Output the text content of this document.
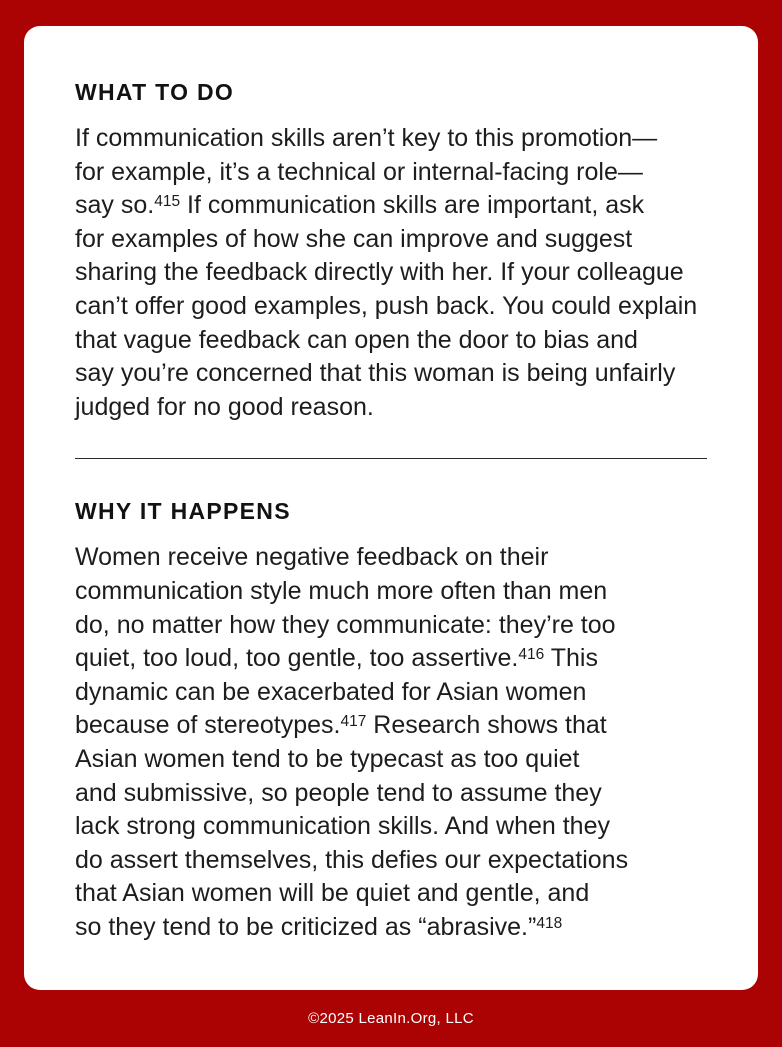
WHAT TO DO
If communication skills aren’t key to this promotion—
for example, it’s a technical or internal-facing role—
say so.$^{415}$ If communication skills are important, ask
for examples of how she can improve and suggest
sharing the feedback directly with her. If your colleague
can’t offer good examples, push back. You could explain
that vague feedback can open the door to bias and
say you’re concerned that this woman is being unfairly
judged for no good reason.
WHY IT HAPPENS
Women receive negative feedback on their
communication style much more often than men
do, no matter how they communicate: they’re too
quiet, too loud, too gentle, too assertive.$^{416}$ This
dynamic can be exacerbated for Asian women
because of stereotypes.$^{417}$ Research shows that
Asian women tend to be typecast as too quiet
and submissive, so people tend to assume they
lack strong communication skills. And when they
do assert themselves, this defies our expectations
that Asian women will be quiet and gentle, and
so they tend to be criticized as “abrasive.”$^{418}$
©2025 LeanIn.Org, LLC
